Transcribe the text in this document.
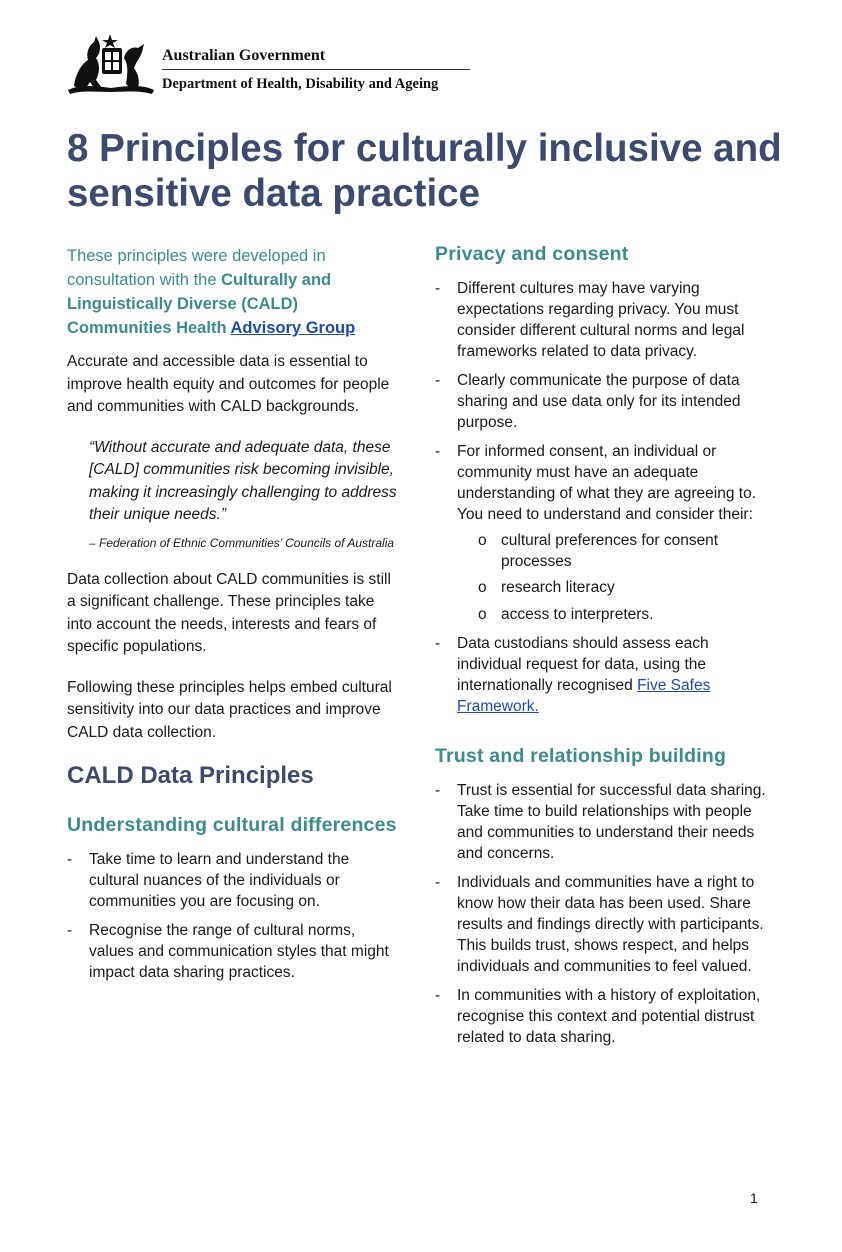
Australian Government
Department of Health, Disability and Ageing
8 Principles for culturally inclusive and sensitive data practice

These principles were developed in consultation with the Culturally and Linguistically Diverse (CALD) Communities Health Advisory Group

Accurate and accessible data is essential to improve health equity and outcomes for people and communities with CALD backgrounds.

“Without accurate and adequate data, these [CALD] communities risk becoming invisible, making it increasingly challenging to address their unique needs.”

– Federation of Ethnic Communities’ Councils of Australia

Data collection about CALD communities is still a significant challenge. These principles take into account the needs, interests and fears of specific populations.

Following these principles helps embed cultural sensitivity into our data practices and improve CALD data collection.

CALD Data Principles
Understanding cultural differences
- Take time to learn and understand the cultural nuances of the individuals or communities you are focusing on.
- Recognise the range of cultural norms, values and communication styles that might impact data sharing practices.
Privacy and consent
- Different cultures may have varying expectations regarding privacy. You must consider different cultural norms and legal frameworks related to data privacy.
- Clearly communicate the purpose of data sharing and use data only for its intended purpose.
- For informed consent, an individual or community must have an adequate understanding of what they are agreeing to. You need to understand and consider their:
o cultural preferences for consent processes
o research literacy
o access to interpreters.
- Data custodians should assess each individual request for data, using the internationally recognised Five Safes Framework.
Trust and relationship building
- Trust is essential for successful data sharing. Take time to build relationships with people and communities to understand their needs and concerns.
- Individuals and communities have a right to know how their data has been used. Share results and findings directly with participants. This builds trust, shows respect, and helps individuals and communities to feel valued.
- In communities with a history of exploitation, recognise this context and potential distrust related to data sharing.
1
